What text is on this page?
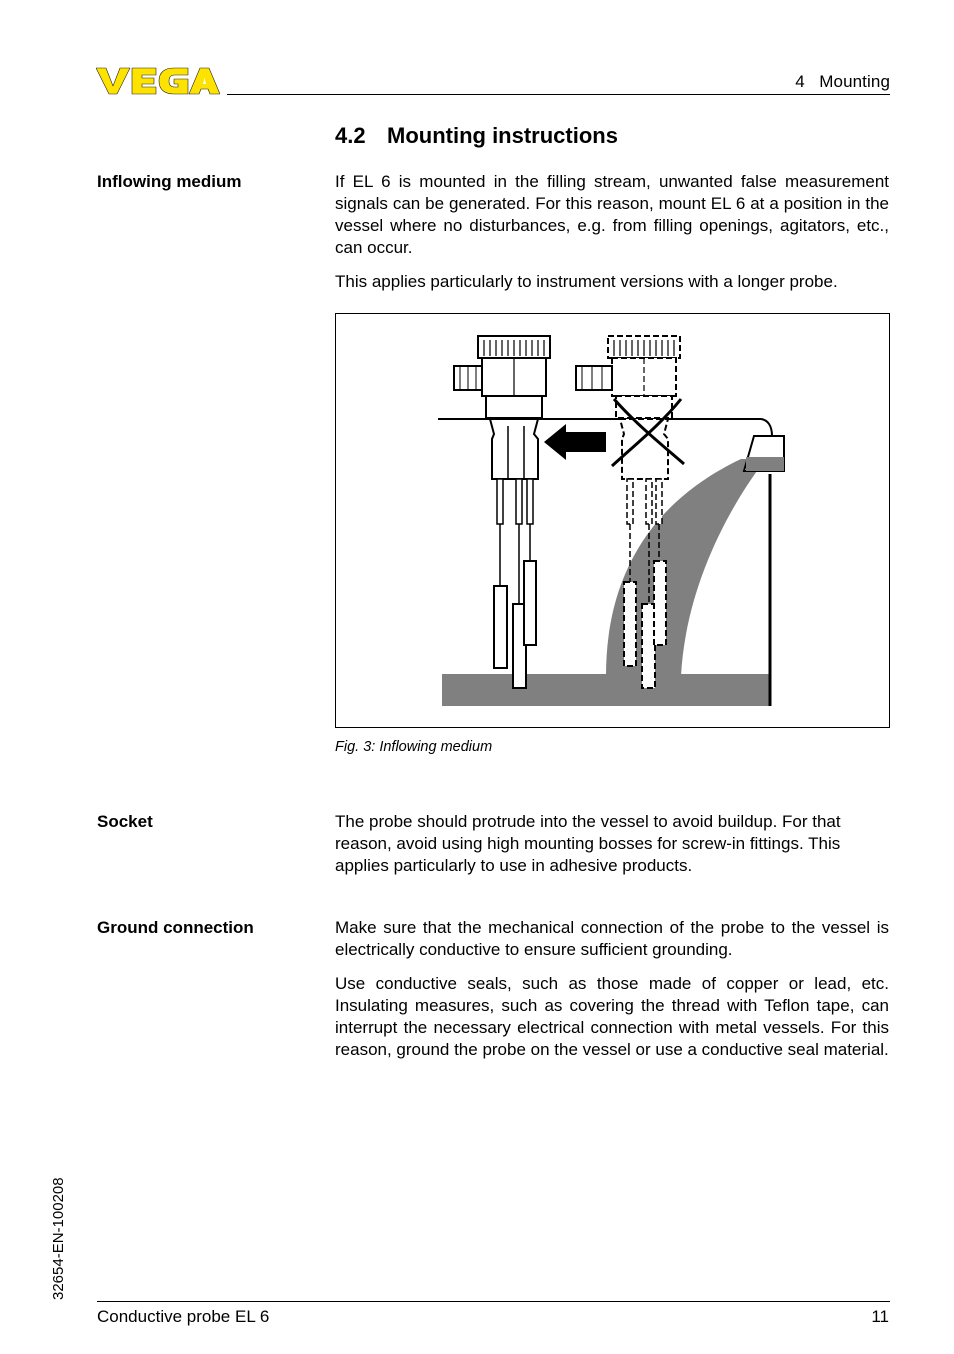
4   Mounting
4.2 Mounting instructions
Inflowing medium	If EL 6 is mounted in the filling stream, unwanted false measurement signals can be generated. For this reason, mount EL 6 at a position in the vessel where no disturbances, e.g. from filling openings, agitators, etc., can occur.
This applies particularly to instrument versions with a longer probe.
Fig. 3: Inflowing medium
Socket	The probe should protrude into the vessel to avoid buildup. For that reason, avoid using high mounting bosses for screw-in fittings. This applies particularly to use in adhesive products.
Ground connection	Make sure that the mechanical connection of the probe to the vessel is electrically conductive to ensure sufficient grounding.
Use conductive seals, such as those made of copper or lead, etc. Insulating measures, such as covering the thread with Teflon tape, can interrupt the necessary electrical connection with metal vessels. For this reason, ground the probe on the vessel or use a conductive seal material.
32654-EN-100208
Conductive probe EL 6	11
